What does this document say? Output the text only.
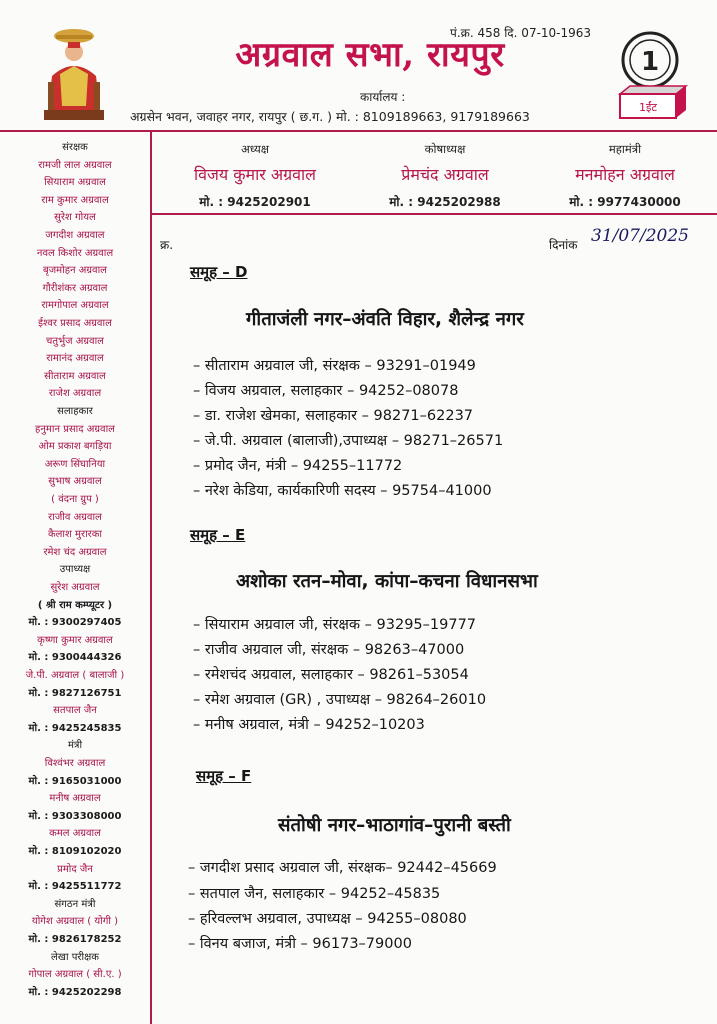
पं.क्र. 458 दि. 07-10-1963
अग्रवाल सभा, रायपुर
कार्यालय :
अग्रसेन भवन, जवाहर नगर, रायपुर ( छ.ग. ) मो. : 8109189663, 9179189663
1
1ईंट
अध्यक्ष
विजय कुमार अग्रवाल
मो. : 9425202901
कोषाध्यक्ष
प्रेमचंद अग्रवाल
मो. : 9425202988
महामंत्री
मनमोहन अग्रवाल
मो. : 9977430000
संरक्षक
रामजी लाल अग्रवाल
सियाराम अग्रवाल
राम कुमार अग्रवाल
सुरेश गोयल
जगदीश अग्रवाल
नवल किशोर अग्रवाल
बृजमोहन अग्रवाल
गौरीशंकर अग्रवाल
रामगोपाल अग्रवाल
ईश्वर प्रसाद अग्रवाल
चतुर्भुज अग्रवाल
रामानंद अग्रवाल
सीताराम अग्रवाल
राजेश अग्रवाल
सलाहकार
हनुमान प्रसाद अग्रवाल
ओम प्रकाश बगड़िया
अरूण सिंघानिया
सुभाष अग्रवाल
( वंदना ग्रुप )
राजीव अग्रवाल
कैलाश मुरारका
रमेश चंद अग्रवाल
उपाध्यक्ष
सुरेश अग्रवाल
( श्री राम कम्प्यूटर )
मो. : 9300297405
कृष्णा कुमार अग्रवाल
मो. : 9300444326
जे.पी. अग्रवाल ( बालाजी )
मो. : 9827126751
सतपाल जैन
मो. : 9425245835
मंत्री
विश्वंभर अग्रवाल
मो. : 9165031000
मनीष अग्रवाल
मो. : 9303308000
कमल अग्रवाल
मो. : 8109102020
प्रमोद जैन
मो. : 9425511772
संगठन मंत्री
योगेश अग्रवाल ( योगी )
मो. : 9826178252
लेखा परीक्षक
गोपाल अग्रवाल ( सी.ए. )
मो. : 9425202298
क्र.	दिनांक 31/07/2025
समूह – D
गीताजंली नगर–अंवति विहार, शैलेन्द्र नगर
– सीताराम अग्रवाल जी, संरक्षक – 93291–01949
– विजय अग्रवाल, सलाहकार – 94252–08078
– डा. राजेश खेमका, सलाहकार – 98271–62237
– जे.पी. अग्रवाल (बालाजी),उपाध्यक्ष – 98271–26571
– प्रमोद जैन, मंत्री – 94255–11772
– नरेश केडिया, कार्यकारिणी सदस्य – 95754–41000
समूह – E
अशोका रतन–मोवा, कांपा–कचना विधानसभा
– सियाराम अग्रवाल जी, संरक्षक – 93295–19777
– राजीव अग्रवाल जी, संरक्षक – 98263–47000
– रमेशचंद अग्रवाल, सलाहकार – 98261–53054
– रमेश अग्रवाल (GR) , उपाध्यक्ष – 98264–26010
– मनीष अग्रवाल, मंत्री – 94252–10203
समूह – F
संतोषी नगर–भाठागांव–पुरानी बस्ती
– जगदीश प्रसाद अग्रवाल जी, संरक्षक– 92442–45669
– सतपाल जैन, सलाहकार – 94252–45835
– हरिवल्लभ अग्रवाल, उपाध्यक्ष – 94255–08080
– विनय बजाज, मंत्री – 96173–79000
